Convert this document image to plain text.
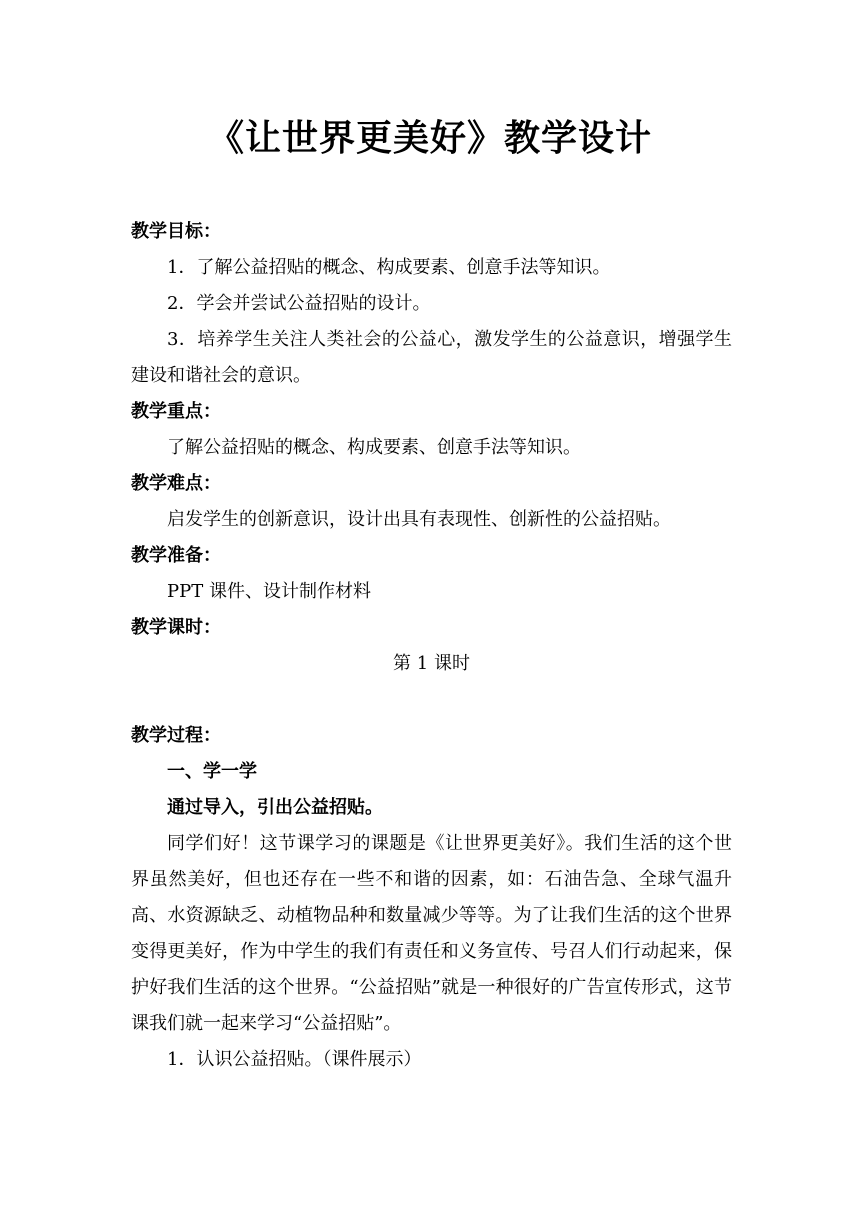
《让世界更美好》教学设计

教学目标：

1．了解公益招贴的概念、构成要素、创意手法等知识。

2．学会并尝试公益招贴的设计。

3．培养学生关注人类社会的公益心，激发学生的公益意识，增强学生建设和谐社会的意识。

教学重点：

了解公益招贴的概念、构成要素、创意手法等知识。

教学难点：

启发学生的创新意识，设计出具有表现性、创新性的公益招贴。

教学准备：

PPT 课件、设计制作材料

教学课时：

第 1 课时

教学过程：

一、学一学

通过导入，引出公益招贴。

同学们好！这节课学习的课题是《让世界更美好》。我们生活的这个世界虽然美好，但也还存在一些不和谐的因素，如：石油告急、全球气温升高、水资源缺乏、动植物品种和数量减少等等。为了让我们生活的这个世界变得更美好，作为中学生的我们有责任和义务宣传、号召人们行动起来，保护好我们生活的这个世界。“公益招贴”就是一种很好的广告宣传形式，这节课我们就一起来学习“公益招贴”。

1．认识公益招贴。（课件展示）
